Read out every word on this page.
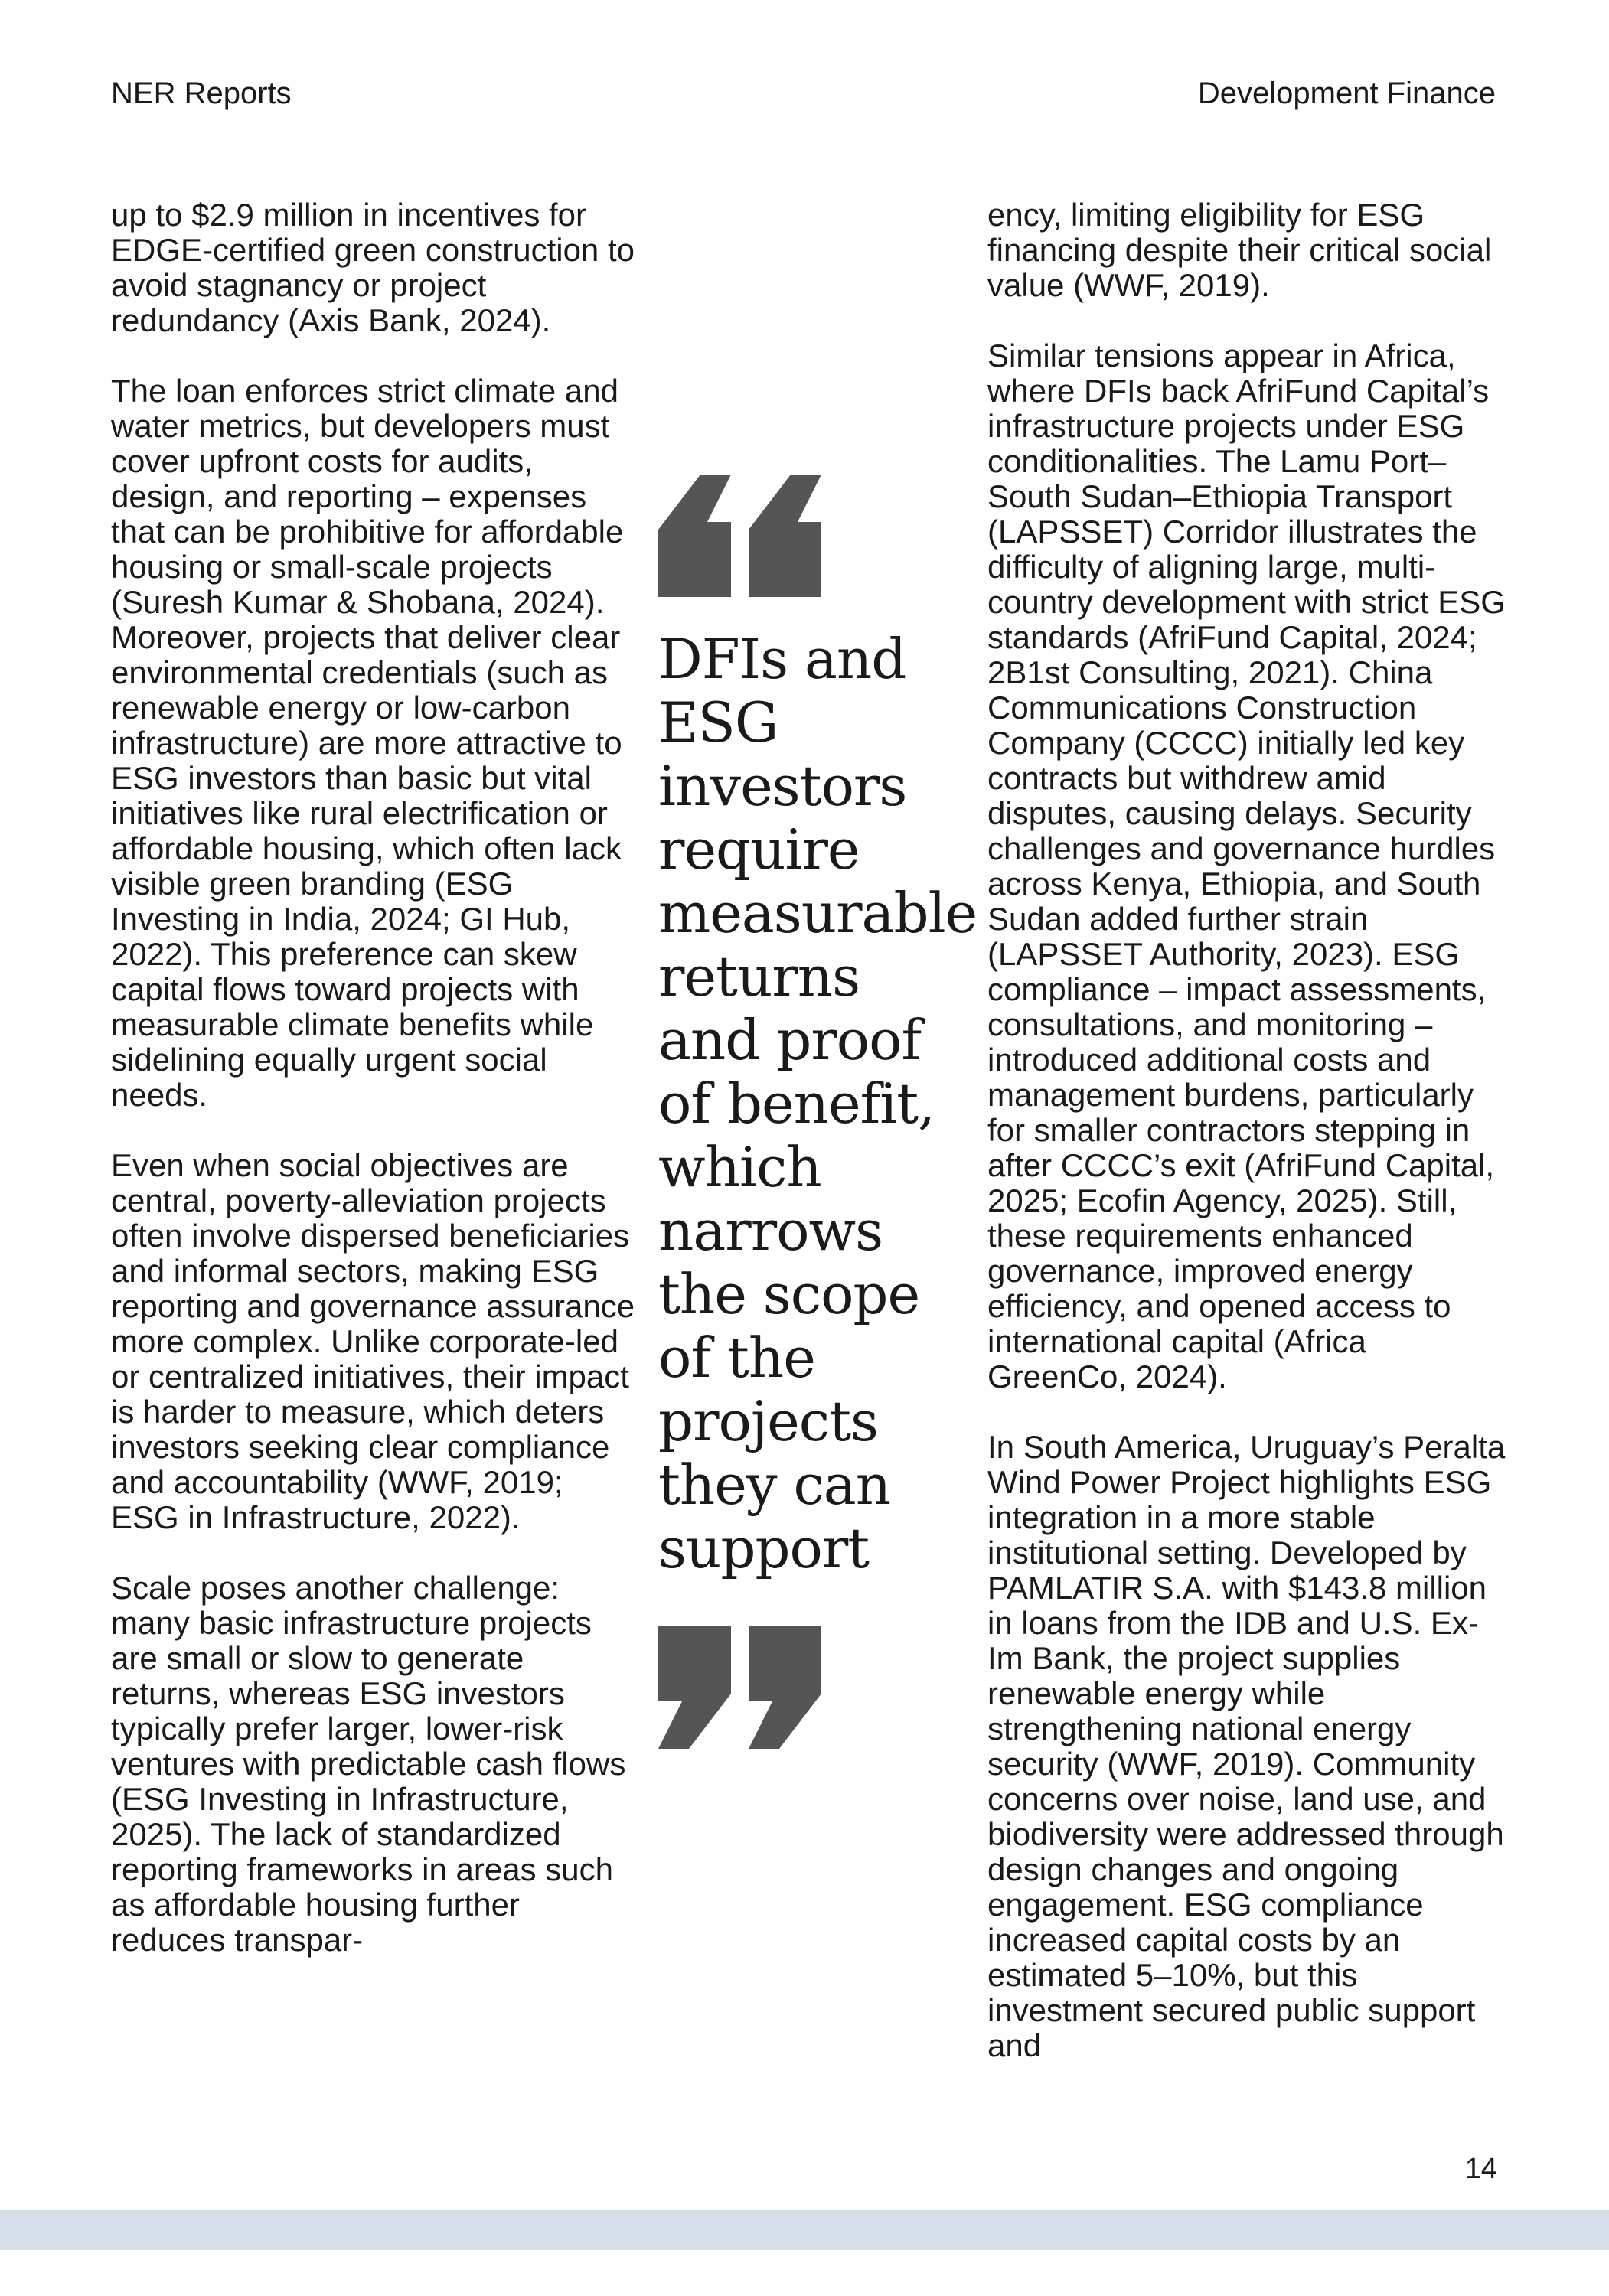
NER Reports	Development Finance

up to $2.9 million in incentives for EDGE-certified green construction to avoid stagnancy or project redundancy (Axis Bank, 2024).

The loan enforces strict climate and water metrics, but developers must cover upfront costs for audits, design, and reporting – expenses that can be prohibitive for affordable housing or small-scale projects (Suresh Kumar & Shobana, 2024). Moreover, projects that deliver clear environmental credentials (such as renewable energy or low-carbon infrastructure) are more attractive to ESG investors than basic but vital initiatives like rural electrification or affordable housing, which often lack visible green branding (ESG Investing in India, 2024; GI Hub, 2022). This preference can skew capital flows toward projects with measurable climate benefits while sidelining equally urgent social needs.

Even when social objectives are central, poverty-alleviation projects often involve dispersed beneficiaries and informal sectors, making ESG reporting and governance assurance more complex. Unlike corporate-led or centralized initiatives, their impact is harder to measure, which deters investors seeking clear compliance and accountability (WWF, 2019; ESG in Infrastructure, 2022).

Scale poses another challenge: many basic infrastructure projects are small or slow to generate returns, whereas ESG investors typically prefer larger, lower-risk ventures with predictable cash flows (ESG Investing in Infrastructure, 2025). The lack of standardized reporting frameworks in areas such as affordable housing further reduces transpar-

DFIs and ESG investors require measurable returns and proof of benefit, which narrows the scope of the projects they can support

ency, limiting eligibility for ESG financing despite their critical social value (WWF, 2019).

Similar tensions appear in Africa, where DFIs back AfriFund Capital’s infrastructure projects under ESG conditionalities. The Lamu Port–South Sudan–Ethiopia Transport (LAPSSET) Corridor illustrates the difficulty of aligning large, multi-country development with strict ESG standards (AfriFund Capital, 2024; 2B1st Consulting, 2021). China Communications Construction Company (CCCC) initially led key contracts but withdrew amid disputes, causing delays. Security challenges and governance hurdles across Kenya, Ethiopia, and South Sudan added further strain (LAPSSET Authority, 2023). ESG compliance – impact assessments, consultations, and monitoring – introduced additional costs and management burdens, particularly for smaller contractors stepping in after CCCC’s exit (AfriFund Capital, 2025; Ecofin Agency, 2025). Still, these requirements enhanced governance, improved energy efficiency, and opened access to international capital (Africa GreenCo, 2024).

In South America, Uruguay’s Peralta Wind Power Project highlights ESG integration in a more stable institutional setting. Developed by PAMLATIR S.A. with $143.8 million in loans from the IDB and U.S. Ex-Im Bank, the project supplies renewable energy while strengthening national energy security (WWF, 2019). Community concerns over noise, land use, and biodiversity were addressed through design changes and ongoing engagement. ESG compliance increased capital costs by an estimated 5–10%, but this investment secured public support and

14
